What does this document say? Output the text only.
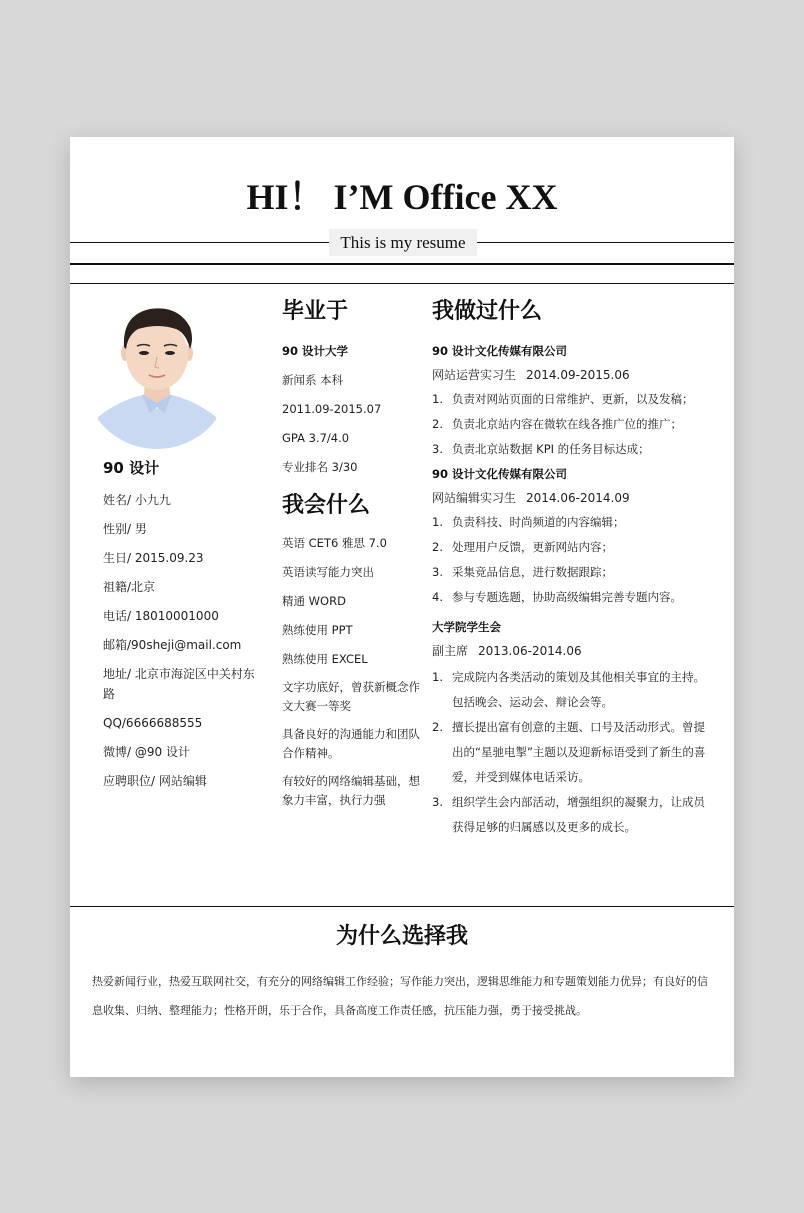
HI！ I’M Office XX
This is my resume
90 设计
姓名/ 小九九
性别/ 男
生日/ 2015.09.23
祖籍/北京
电话/ 18010001000
邮箱/90sheji@mail.com
地址/ 北京市海淀区中关村东路
QQ/6666688555
微博/ @90 设计
应聘职位/ 网站编辑
毕业于
90 设计大学
新闻系 本科
2011.09-2015.07
GPA 3.7/4.0
专业排名 3/30
我会什么
英语 CET6 雅思 7.0
英语读写能力突出
精通 WORD
熟练使用 PPT
熟练使用 EXCEL
文字功底好，曾获新概念作文大赛一等奖
具备良好的沟通能力和团队合作精神。
有较好的网络编辑基础，想象力丰富，执行力强
我做过什么
90 设计文化传媒有限公司
网站运营实习生 2014.09-2015.06
1. 负责对网站页面的日常维护、更新，以及发稿；
2. 负责北京站内容在微软在线各推广位的推广；
3. 负责北京站数据 KPI 的任务目标达成；
90 设计文化传媒有限公司
网站编辑实习生 2014.06-2014.09
1. 负责科技、时尚频道的内容编辑；
2. 处理用户反馈，更新网站内容；
3. 采集竞品信息，进行数据跟踪；
4. 参与专题选题，协助高级编辑完善专题内容。
大学院学生会
副主席 2013.06-2014.06
1. 完成院内各类活动的策划及其他相关事宜的主持。包括晚会、运动会、辩论会等。
2. 擅长提出富有创意的主题、口号及活动形式。曾提出的“星驰电掣”主题以及迎新标语受到了新生的喜爱，并受到媒体电话采访。
3. 组织学生会内部活动，增强组织的凝聚力，让成员获得足够的归属感以及更多的成长。
为什么选择我
热爱新闻行业，热爱互联网社交，有充分的网络编辑工作经验；写作能力突出，逻辑思维能力和专题策划能力优异；有良好的信息收集、归纳、整理能力；性格开朗，乐于合作，具备高度工作责任感，抗压能力强，勇于接受挑战。
